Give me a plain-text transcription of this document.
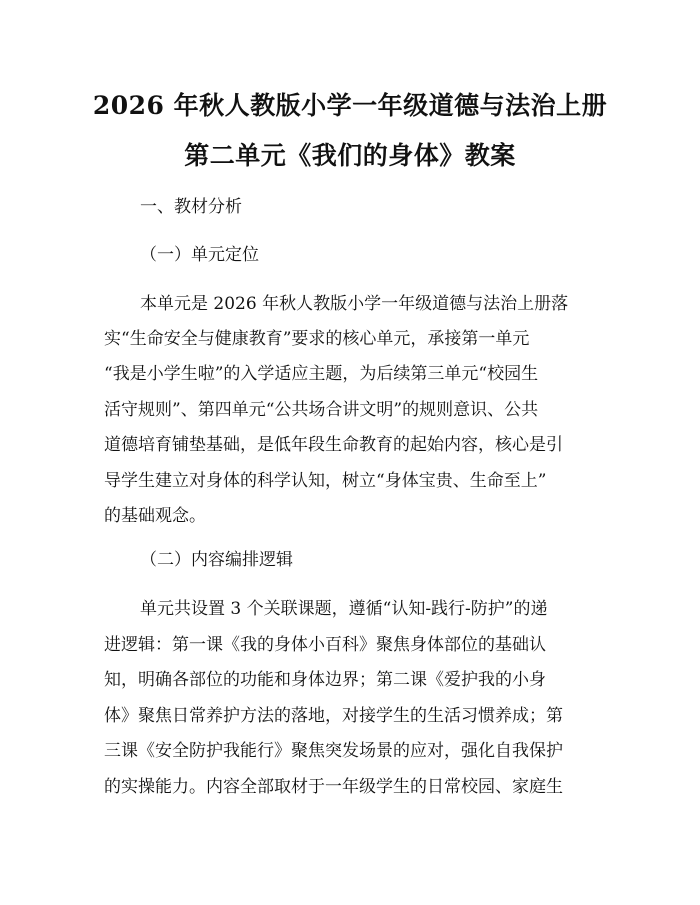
2026 年秋人教版小学一年级道德与法治上册
第二单元《我们的身体》教案
一、教材分析
（一）单元定位
本单元是 2026 年秋人教版小学一年级道德与法治上册落
实“生命安全与健康教育”要求的核心单元，承接第一单元
“我是小学生啦”的入学适应主题，为后续第三单元“校园生
活守规则”、第四单元“公共场合讲文明”的规则意识、公共
道德培育铺垫基础，是低年段生命教育的起始内容，核心是引
导学生建立对身体的科学认知，树立“身体宝贵、生命至上”
的基础观念。
（二）内容编排逻辑
单元共设置 3 个关联课题，遵循“认知-践行-防护”的递
进逻辑：第一课《我的身体小百科》聚焦身体部位的基础认
知，明确各部位的功能和身体边界；第二课《爱护我的小身
体》聚焦日常养护方法的落地，对接学生的生活习惯养成；第
三课《安全防护我能行》聚焦突发场景的应对，强化自我保护
的实操能力。内容全部取材于一年级学生的日常校园、家庭生
